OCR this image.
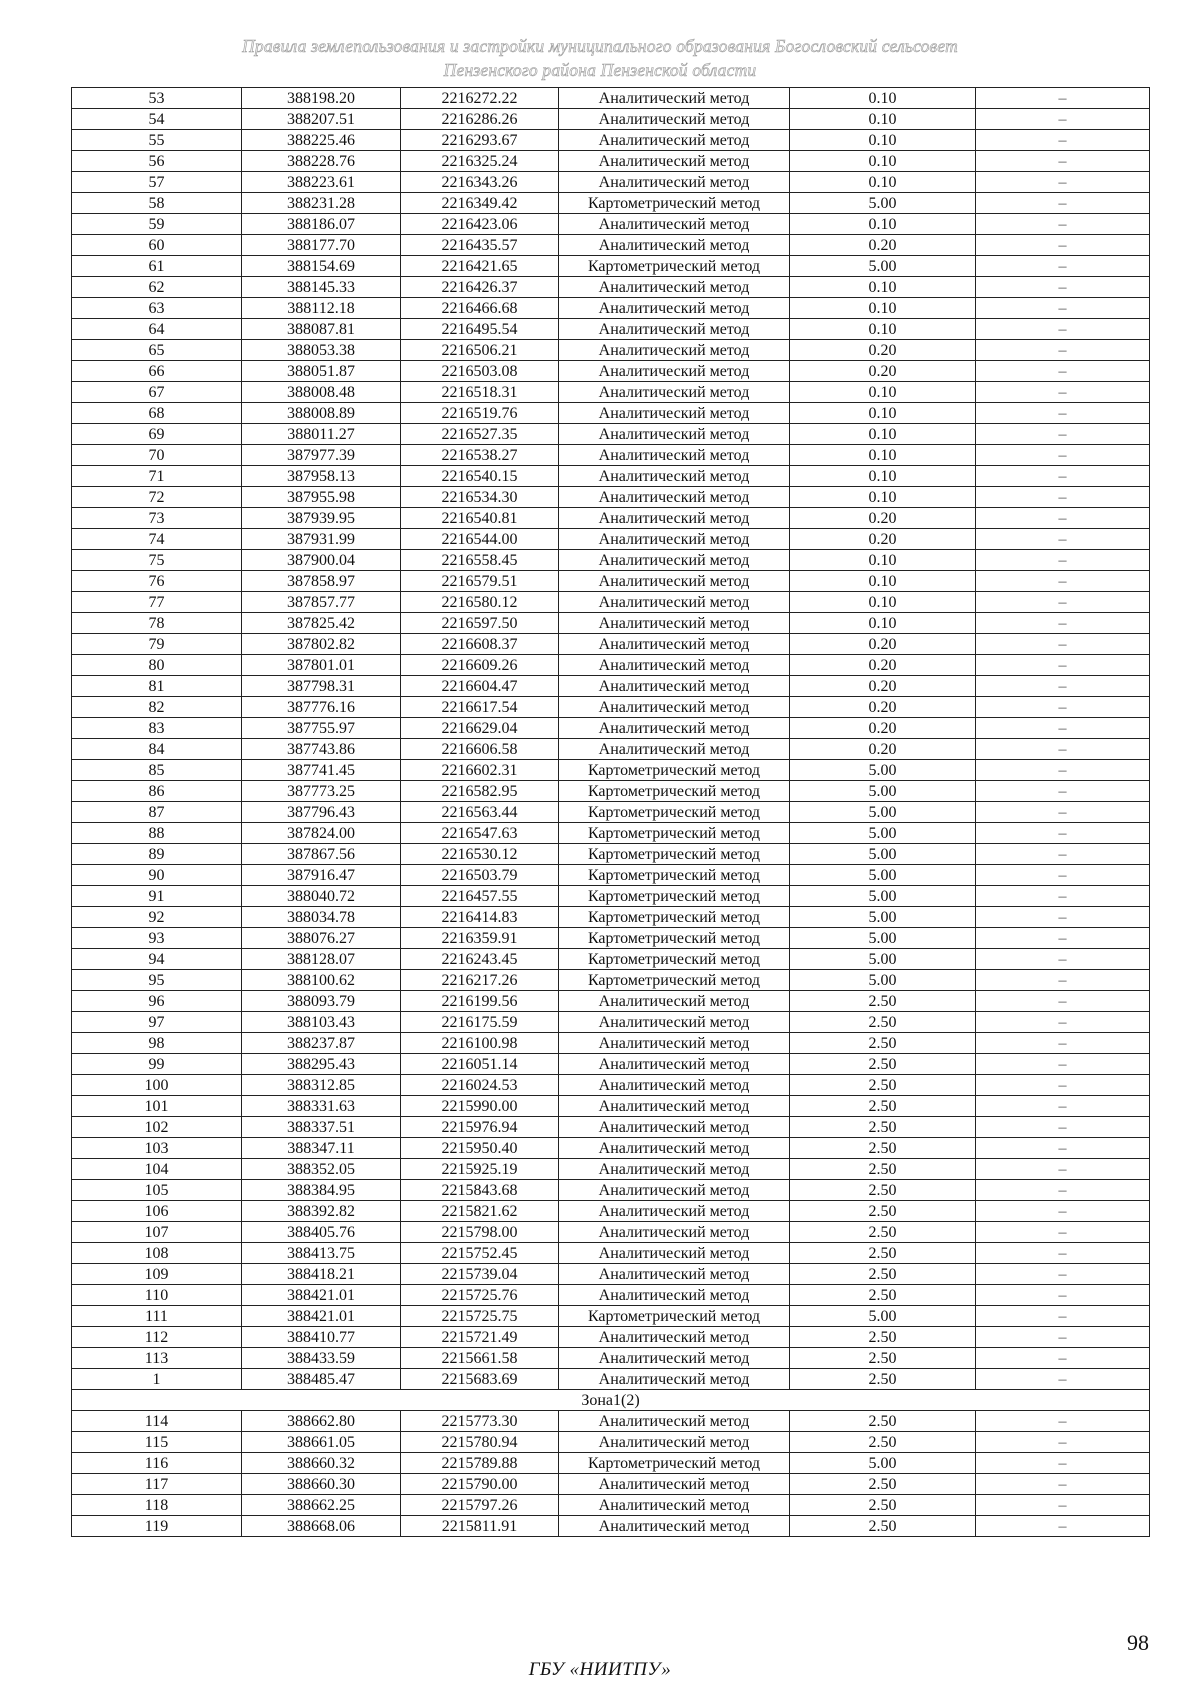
Правила землепользования и застройки муниципального образования Богословский сельсовет
Пензенского района Пензенской области
53	388198.20	2216272.22	Аналитический метод	0.10	–
54	388207.51	2216286.26	Аналитический метод	0.10	–
55	388225.46	2216293.67	Аналитический метод	0.10	–
56	388228.76	2216325.24	Аналитический метод	0.10	–
57	388223.61	2216343.26	Аналитический метод	0.10	–
58	388231.28	2216349.42	Картометрический метод	5.00	–
59	388186.07	2216423.06	Аналитический метод	0.10	–
60	388177.70	2216435.57	Аналитический метод	0.20	–
61	388154.69	2216421.65	Картометрический метод	5.00	–
62	388145.33	2216426.37	Аналитический метод	0.10	–
63	388112.18	2216466.68	Аналитический метод	0.10	–
64	388087.81	2216495.54	Аналитический метод	0.10	–
65	388053.38	2216506.21	Аналитический метод	0.20	–
66	388051.87	2216503.08	Аналитический метод	0.20	–
67	388008.48	2216518.31	Аналитический метод	0.10	–
68	388008.89	2216519.76	Аналитический метод	0.10	–
69	388011.27	2216527.35	Аналитический метод	0.10	–
70	387977.39	2216538.27	Аналитический метод	0.10	–
71	387958.13	2216540.15	Аналитический метод	0.10	–
72	387955.98	2216534.30	Аналитический метод	0.10	–
73	387939.95	2216540.81	Аналитический метод	0.20	–
74	387931.99	2216544.00	Аналитический метод	0.20	–
75	387900.04	2216558.45	Аналитический метод	0.10	–
76	387858.97	2216579.51	Аналитический метод	0.10	–
77	387857.77	2216580.12	Аналитический метод	0.10	–
78	387825.42	2216597.50	Аналитический метод	0.10	–
79	387802.82	2216608.37	Аналитический метод	0.20	–
80	387801.01	2216609.26	Аналитический метод	0.20	–
81	387798.31	2216604.47	Аналитический метод	0.20	–
82	387776.16	2216617.54	Аналитический метод	0.20	–
83	387755.97	2216629.04	Аналитический метод	0.20	–
84	387743.86	2216606.58	Аналитический метод	0.20	–
85	387741.45	2216602.31	Картометрический метод	5.00	–
86	387773.25	2216582.95	Картометрический метод	5.00	–
87	387796.43	2216563.44	Картометрический метод	5.00	–
88	387824.00	2216547.63	Картометрический метод	5.00	–
89	387867.56	2216530.12	Картометрический метод	5.00	–
90	387916.47	2216503.79	Картометрический метод	5.00	–
91	388040.72	2216457.55	Картометрический метод	5.00	–
92	388034.78	2216414.83	Картометрический метод	5.00	–
93	388076.27	2216359.91	Картометрический метод	5.00	–
94	388128.07	2216243.45	Картометрический метод	5.00	–
95	388100.62	2216217.26	Картометрический метод	5.00	–
96	388093.79	2216199.56	Аналитический метод	2.50	–
97	388103.43	2216175.59	Аналитический метод	2.50	–
98	388237.87	2216100.98	Аналитический метод	2.50	–
99	388295.43	2216051.14	Аналитический метод	2.50	–
100	388312.85	2216024.53	Аналитический метод	2.50	–
101	388331.63	2215990.00	Аналитический метод	2.50	–
102	388337.51	2215976.94	Аналитический метод	2.50	–
103	388347.11	2215950.40	Аналитический метод	2.50	–
104	388352.05	2215925.19	Аналитический метод	2.50	–
105	388384.95	2215843.68	Аналитический метод	2.50	–
106	388392.82	2215821.62	Аналитический метод	2.50	–
107	388405.76	2215798.00	Аналитический метод	2.50	–
108	388413.75	2215752.45	Аналитический метод	2.50	–
109	388418.21	2215739.04	Аналитический метод	2.50	–
110	388421.01	2215725.76	Аналитический метод	2.50	–
111	388421.01	2215725.75	Картометрический метод	5.00	–
112	388410.77	2215721.49	Аналитический метод	2.50	–
113	388433.59	2215661.58	Аналитический метод	2.50	–
1	388485.47	2215683.69	Аналитический метод	2.50	–
Зона1(2)					
114	388662.80	2215773.30	Аналитический метод	2.50	–
115	388661.05	2215780.94	Аналитический метод	2.50	–
116	388660.32	2215789.88	Картометрический метод	5.00	–
117	388660.30	2215790.00	Аналитический метод	2.50	–
118	388662.25	2215797.26	Аналитический метод	2.50	–
119	388668.06	2215811.91	Аналитический метод	2.50	–
98
ГБУ «НИИТПУ»
